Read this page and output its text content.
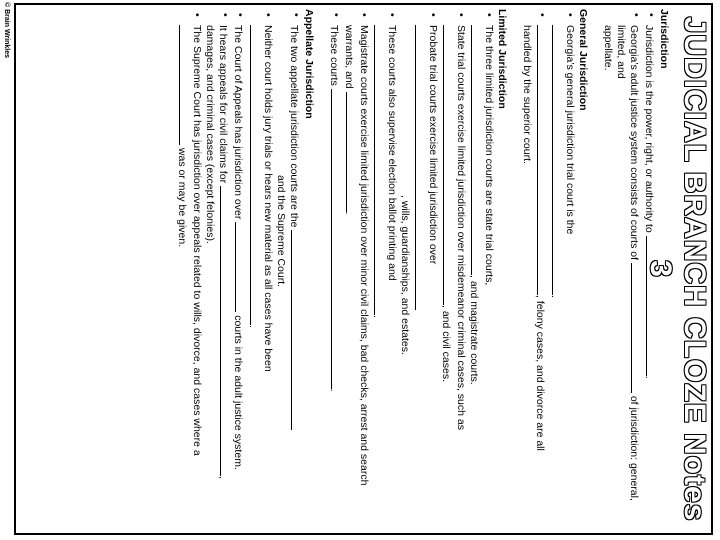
© Brain Wrinkles	JUDICIAL BRANCH CLOZE Notes 3
Jurisdiction
•
Jurisdiction is the power, right, or authority to .
•
Georgia’s adult justice system consists of courts of  of jurisdiction: general, limited, and
appellate.
General Jurisdiction
•
Georgia’s general jurisdiction trial court is the
.
•
, felony cases, and divorce are all
handled by the superior court.
Limited Jurisdiction
•
The three limited jurisdiction courts are state trial courts,
, and magistrate courts.
•
State trial courts exercise limited jurisdiction over misdemeanor criminal cases, such as , and civil cases.
•
Probate trial courts exercise limited jurisdiction over
, wills, guardianships, and estates.
•
These courts also supervise election ballot printing and .
•
Magistrate courts exercise limited jurisdiction over minor civil claims, bad checks, arrest and search warrants, and .
•
These courts .
Appellate Jurisdiction
•
The two appellate jurisdiction courts are the
and the Supreme Court.
•
Neither court holds jury trials or hears new material as all cases have been
.
•
The Court of Appeals has jurisdiction over  courts in the adult justice system.
•
It hears appeals for civil claims for ,
damages, and criminal cases (except felonies).
•
The Supreme Court has jurisdiction over appeals related to wills, divorce, and cases where a  was or may be given.
